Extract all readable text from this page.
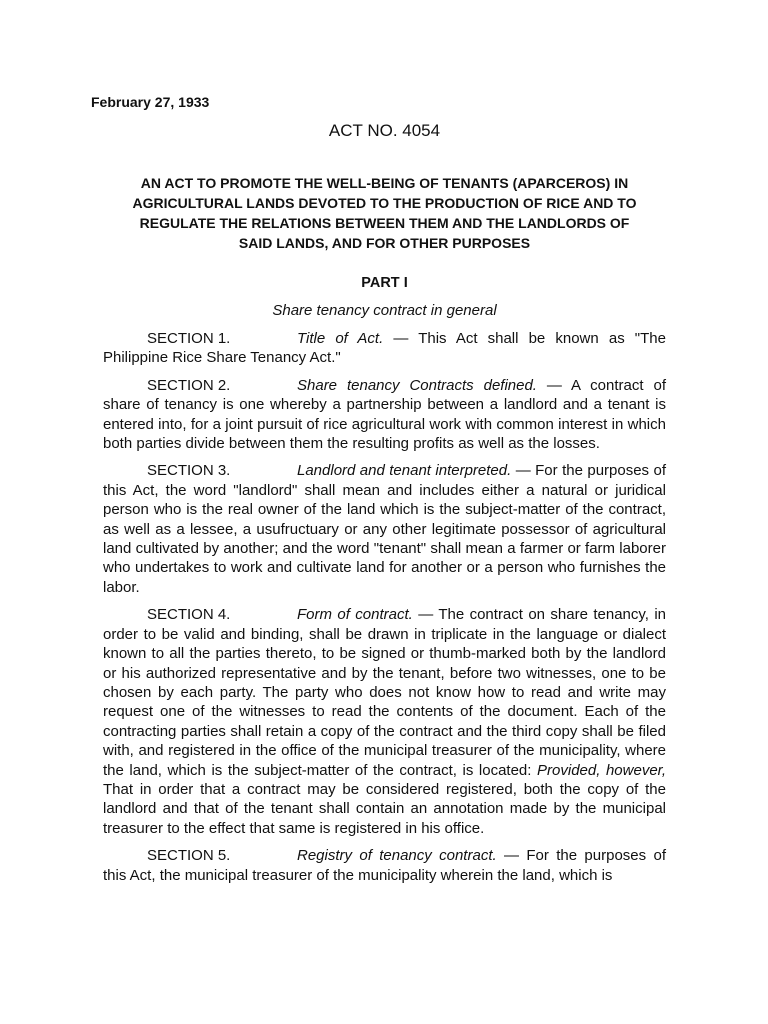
February 27, 1933
ACT NO. 4054
AN ACT TO PROMOTE THE WELL-BEING OF TENANTS (APARCEROS) IN
AGRICULTURAL LANDS DEVOTED TO THE PRODUCTION OF RICE AND TO
REGULATE THE RELATIONS BETWEEN THEM AND THE LANDLORDS OF
SAID LANDS, AND FOR OTHER PURPOSES
PART I
Share tenancy contract in general

SECTION 1.	Title of Act. — This Act shall be known as "The Philippine Rice Share Tenancy Act."

SECTION 2.	Share tenancy Contracts defined. — A contract of share of tenancy is one whereby a partnership between a landlord and a tenant is entered into, for a joint pursuit of rice agricultural work with common interest in which both parties divide between them the resulting profits as well as the losses.

SECTION 3.	Landlord and tenant interpreted. — For the purposes of this Act, the word "landlord" shall mean and includes either a natural or juridical person who is the real owner of the land which is the subject-matter of the contract, as well as a lessee, a usufructuary or any other legitimate possessor of agricultural land cultivated by another; and the word "tenant" shall mean a farmer or farm laborer who undertakes to work and cultivate land for another or a person who furnishes the labor.

SECTION 4.	Form of contract. — The contract on share tenancy, in order to be valid and binding, shall be drawn in triplicate in the language or dialect known to all the parties thereto, to be signed or thumb-marked both by the landlord or his authorized representative and by the tenant, before two witnesses, one to be chosen by each party. The party who does not know how to read and write may request one of the witnesses to read the contents of the document. Each of the contracting parties shall retain a copy of the contract and the third copy shall be filed with, and registered in the office of the municipal treasurer of the municipality, where the land, which is the subject-matter of the contract, is located: Provided, however, That in order that a contract may be considered registered, both the copy of the landlord and that of the tenant shall contain an annotation made by the municipal treasurer to the effect that same is registered in his office.

SECTION 5.	Registry of tenancy contract. — For the purposes of this Act, the municipal treasurer of the municipality wherein the land, which is
